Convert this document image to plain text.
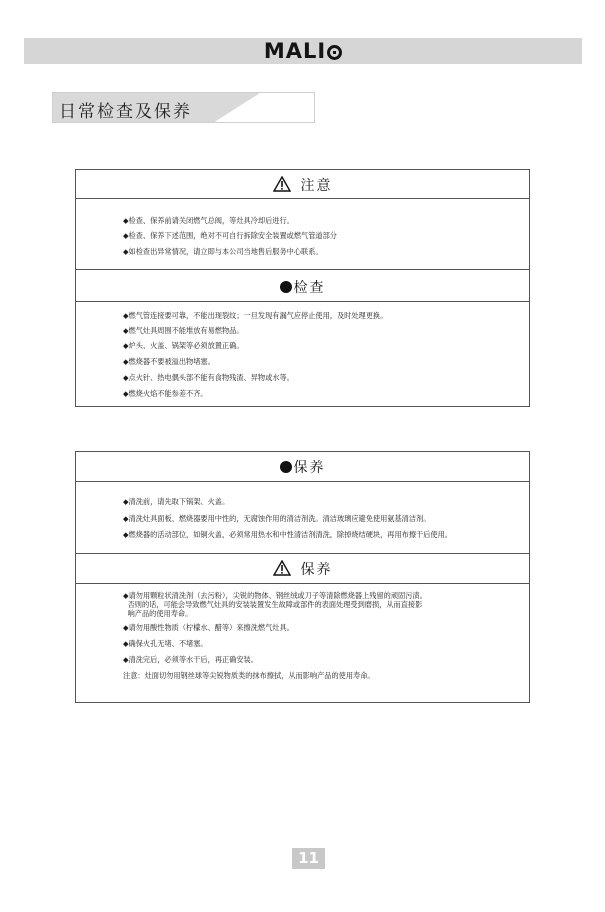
MALI
日常检查及保养
注意
◆检查、保养前请关闭燃气总阀，等灶具冷却后进行。
◆检查、保养下述范围，绝对不可自行拆除安全装置或燃气管道部分
◆如检查出异常情况，请立即与本公司当地售后服务中心联系。
检查
◆燃气管连接要可靠，不能出现裂纹；一旦发现有漏气应停止使用，及时处理更换。
◆燃气灶具周围不能堆放有易燃物品。
◆炉头、火盖、锅架等必须放置正确。
◆燃烧器不要被溢出物堵塞。
◆点火针、热电偶头部不能有食物残渣、异物或水等。
◆燃烧火焰不能参差不齐。
保养
◆清洗前，请先取下锅架、火盖。
◆清洗灶具面板、燃烧器要用中性的，无腐蚀作用的清洁剂洗。清洁玻璃应避免使用氨基清洁剂。
◆燃烧器的活动部位，如铜火盖，必须常用热水和中性清洁剂清洗，除掉烧结硬块，再用布擦干后使用。
保养
◆请勿用颗粒状清洗剂（去污粉），尖锐的物体、钢丝绒或刀子等清除燃烧器上残留的顽固污渍。
否则的话，可能会导致燃气灶具的安装装置发生故障或部件的表面处理受到磨损，从而直接影
响产品的使用寿命。
◆请勿用酸性物质（柠檬水、醋等）来擦洗燃气灶具。
◆确保火孔无堵、不堵塞。
◆清洗完后，必须等水干后，再正确安装。
注意：灶面切勿用钢丝球等尖锐物质类的抹布擦拭，从而影响产品的使用寿命。
11
